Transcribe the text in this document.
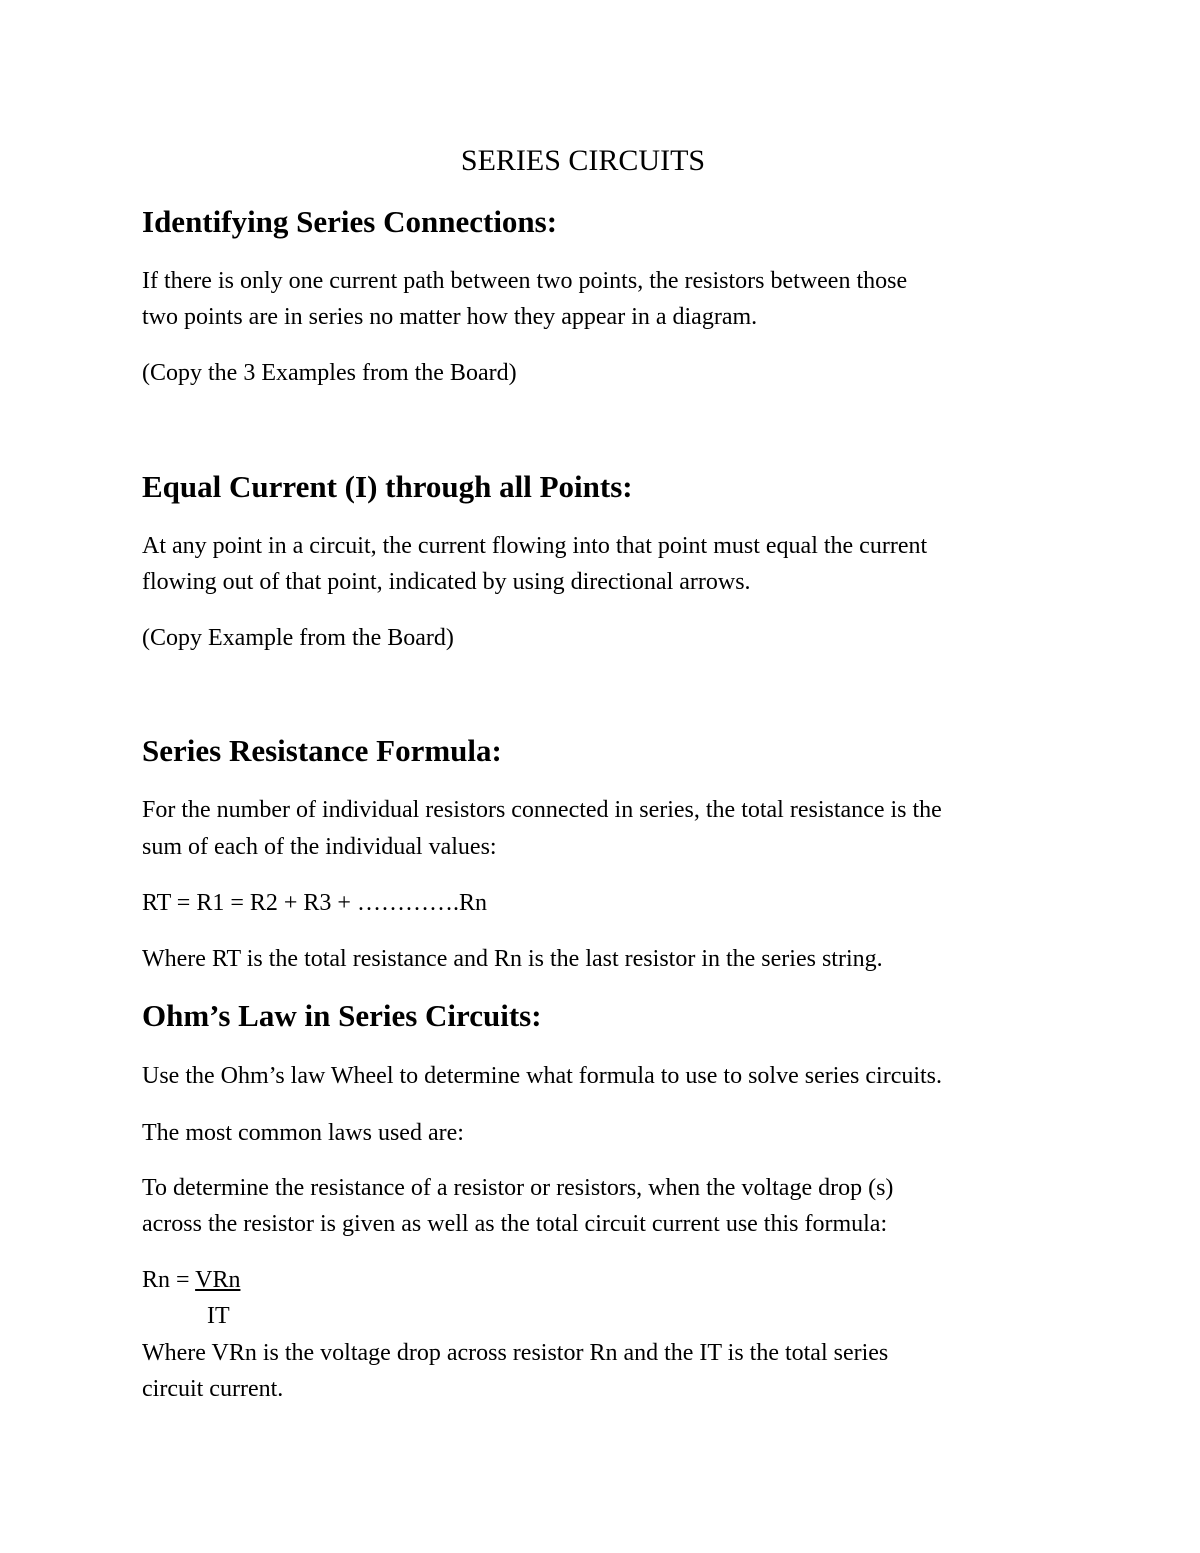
SERIES CIRCUITS
Identifying Series Connections:
If there is only one current path between two points, the resistors between those
two points are in series no matter how they appear in a diagram.
(Copy the 3 Examples from the Board)
Equal Current (I) through all Points:
At any point in a circuit, the current flowing into that point must equal the current
flowing out of that point, indicated by using directional arrows.
(Copy Example from the Board)
Series Resistance Formula:
For the number of individual resistors connected in series, the total resistance is the
sum of each of the individual values:
RT = R1 = R2 + R3 + ………….Rn
Where RT is the total resistance and Rn is the last resistor in the series string.
Ohm’s Law in Series Circuits:
Use the Ohm’s law Wheel to determine what formula to use to solve series circuits.
The most common laws used are:
To determine the resistance of a resistor or resistors, when the voltage drop (s)
across the resistor is given as well as the total circuit current use this formula:
Rn = VRn
IT
Where VRn is the voltage drop across resistor Rn and the IT is the total series
circuit current.
